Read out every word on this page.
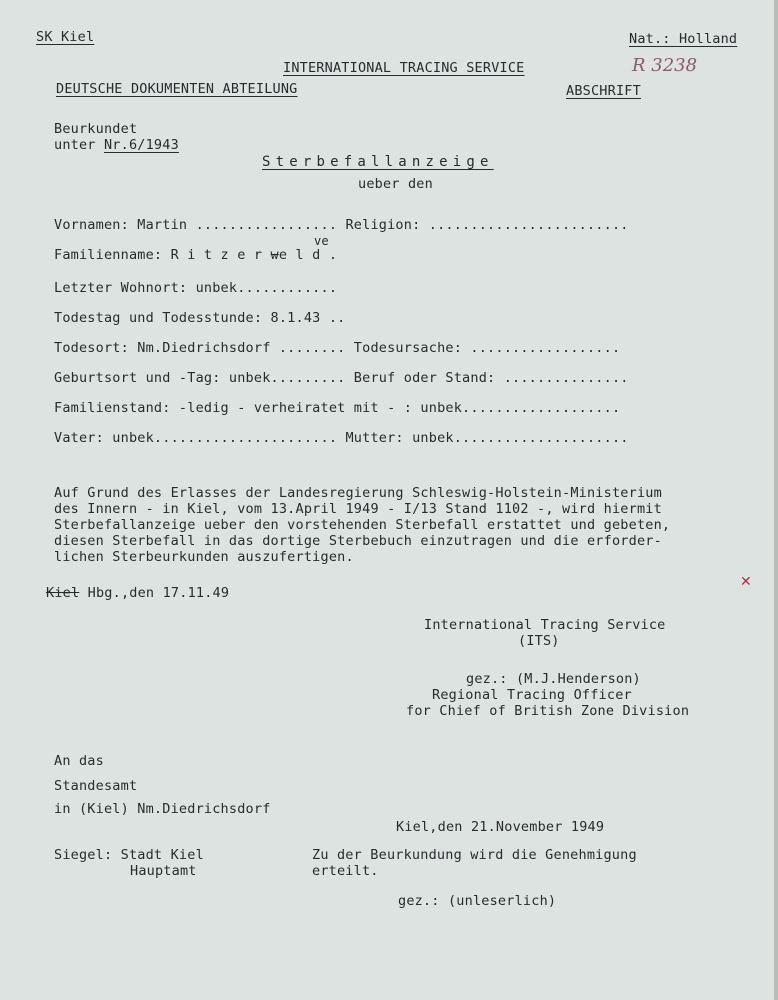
SK Kiel	Nat.: Holland
INTERNATIONAL TRACING SERVICE	R 3238
DEUTSCHE DOKUMENTEN ABTEILUNG	ABSCHRIFT
Beurkundet
unter Nr.6/1943
Sterbefallanzeige
ueber den
Vornamen: Martin ................. Religion: ........................
Familienname: R i t z e r we l d .
ve
Letzter Wohnort: unbek............
Todestag und Todesstunde: 8.1.43 ..
Todesort: Nm.Diedrichsdorf ........ Todesursache: ..................
Geburtsort und -Tag: unbek......... Beruf oder Stand: ...............
Familienstand: -ledig - verheiratet mit - : unbek...................
Vater: unbek...................... Mutter: unbek.....................
Auf Grund des Erlasses der Landesregierung Schleswig-Holstein-Ministerium
des Innern - in Kiel, vom 13.April 1949 - I/13 Stand 1102 -, wird hiermit
Sterbefallanzeige ueber den vorstehenden Sterbefall erstattet und gebeten,
diesen Sterbefall in das dortige Sterbebuch einzutragen und die erforder-
lichen Sterbeurkunden auszufertigen.
Kiel Hbg.,den 17.11.49
✕
International Tracing Service
(ITS)
gez.: (M.J.Henderson)
Regional Tracing Officer
for Chief of British Zone Division
An das
Standesamt
in (Kiel) Nm.Diedrichsdorf
Kiel,den 21.November 1949
Siegel: Stadt Kiel
Hauptamt
Zu der Beurkundung wird die Genehmigung
erteilt.
gez.: (unleserlich)
